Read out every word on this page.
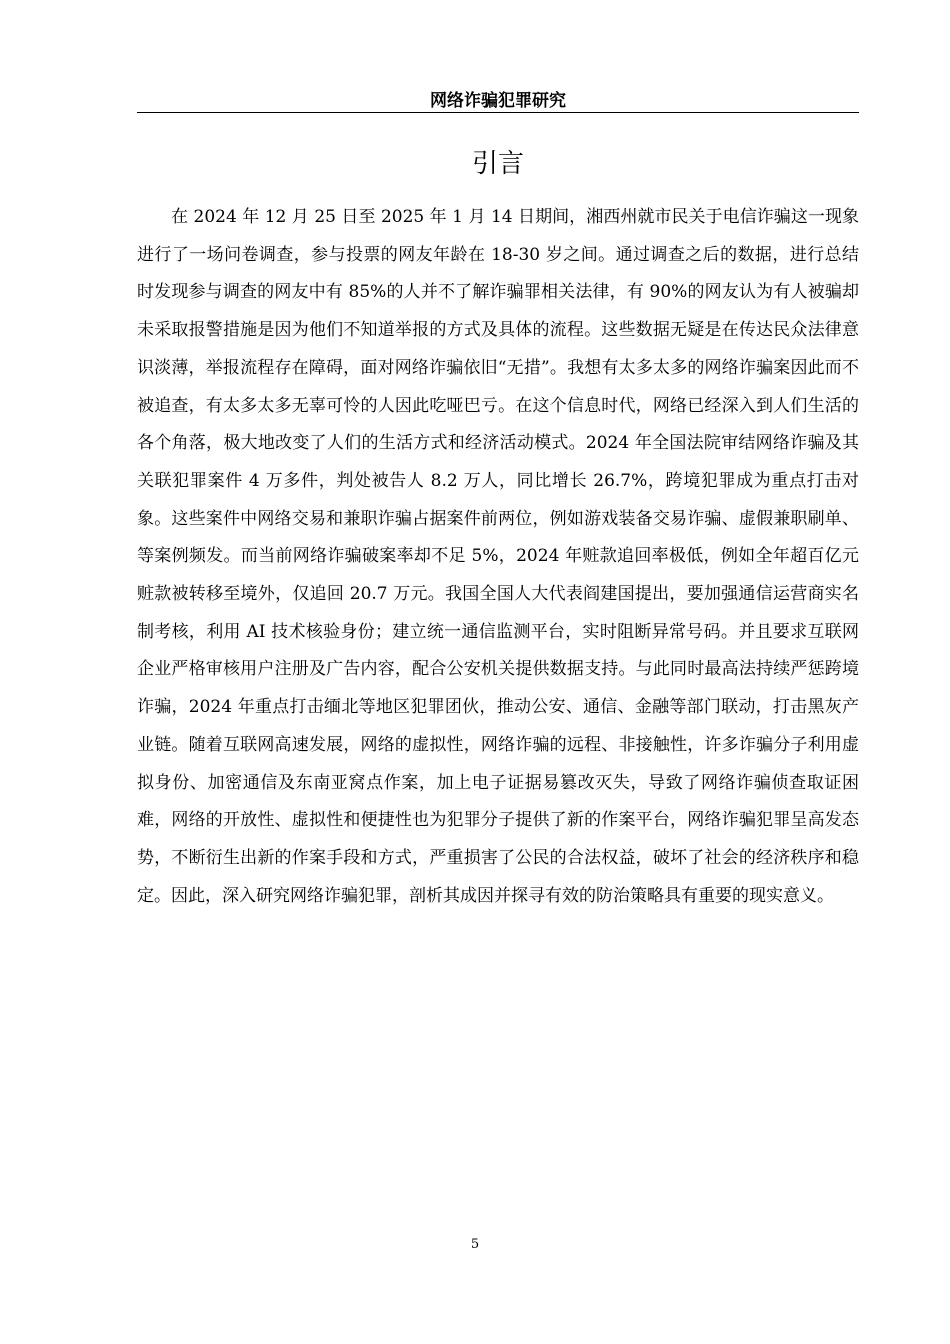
网络诈骗犯罪研究
引言

在 2024 年 12 月 25 日至 2025 年 1 月 14 日期间，湘西州就市民关于电信诈骗这一现象进行了一场问卷调查，参与投票的网友年龄在 18-30 岁之间。通过调查之后的数据，进行总结时发现参与调查的网友中有 85%的人并不了解诈骗罪相关法律，有 90%的网友认为有人被骗却未采取报警措施是因为他们不知道举报的方式及具体的流程。这些数据无疑是在传达民众法律意识淡薄，举报流程存在障碍，面对网络诈骗依旧“无措”。我想有太多太多的网络诈骗案因此而不被追查，有太多太多无辜可怜的人因此吃哑巴亏。在这个信息时代，网络已经深入到人们生活的各个角落，极大地改变了人们的生活方式和经济活动模式。2024 年全国法院审结网络诈骗及其关联犯罪案件 4 万多件，判处被告人 8.2 万人，同比增长 26.7%，跨境犯罪成为重点打击对象。这些案件中网络交易和兼职诈骗占据案件前两位，例如游戏装备交易诈骗、虚假兼职刷单、等案例频发。而当前网络诈骗破案率却不足 5%，2024 年赃款追回率极低，例如全年超百亿元赃款被转移至境外，仅追回 20.7 万元。我国全国人大代表阎建国提出，要加强通信运营商实名制考核，利用 AI 技术核验身份；建立统一通信监测平台，实时阻断异常号码。并且要求互联网企业严格审核用户注册及广告内容，配合公安机关提供数据支持。与此同时最高法持续严惩跨境诈骗，2024 年重点打击缅北等地区犯罪团伙，推动公安、通信、金融等部门联动，打击黑灰产业链。随着互联网高速发展，网络的虚拟性，网络诈骗的远程、非接触性，许多诈骗分子利用虚拟身份、加密通信及东南亚窝点作案，加上电子证据易篡改灭失，导致了网络诈骗侦查取证困难，网络的开放性、虚拟性和便捷性也为犯罪分子提供了新的作案平台，网络诈骗犯罪呈高发态势，不断衍生出新的作案手段和方式，严重损害了公民的合法权益，破坏了社会的经济秩序和稳定。因此，深入研究网络诈骗犯罪，剖析其成因并探寻有效的防治策略具有重要的现实意义。

5
